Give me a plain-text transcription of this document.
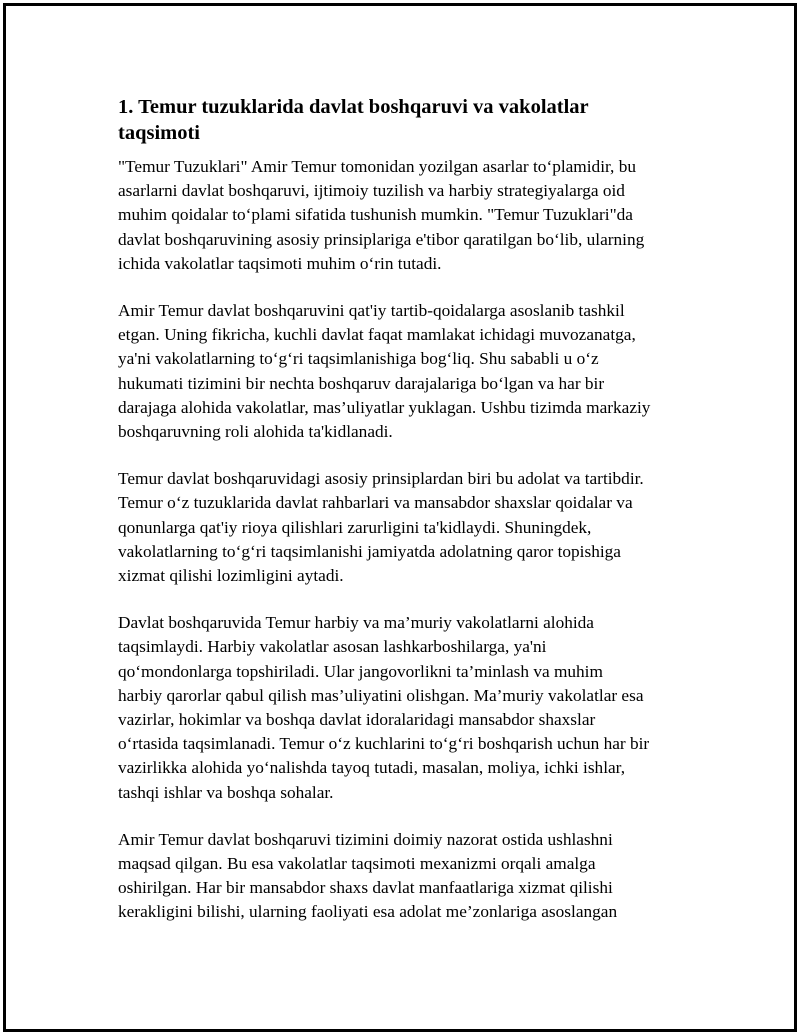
1. Temur tuzuklarida davlat boshqaruvi va vakolatlar
taqsimoti

"Temur Tuzuklari" Amir Temur tomonidan yozilgan asarlar to‘plamidir, bu
asarlarni davlat boshqaruvi, ijtimoiy tuzilish va harbiy strategiyalarga oid
muhim qoidalar to‘plami sifatida tushunish mumkin. "Temur Tuzuklari"da
davlat boshqaruvining asosiy prinsiplariga e'tibor qaratilgan bo‘lib, ularning
ichida vakolatlar taqsimoti muhim o‘rin tutadi.

Amir Temur davlat boshqaruvini qat'iy tartib-qoidalarga asoslanib tashkil
etgan. Uning fikricha, kuchli davlat faqat mamlakat ichidagi muvozanatga,
ya'ni vakolatlarning to‘g‘ri taqsimlanishiga bog‘liq. Shu sababli u o‘z
hukumati tizimini bir nechta boshqaruv darajalariga bo‘lgan va har bir
darajaga alohida vakolatlar, mas’uliyatlar yuklagan. Ushbu tizimda markaziy
boshqaruvning roli alohida ta'kidlanadi.

Temur davlat boshqaruvidagi asosiy prinsiplardan biri bu adolat va tartibdir.
Temur o‘z tuzuklarida davlat rahbarlari va mansabdor shaxslar qoidalar va
qonunlarga qat'iy rioya qilishlari zarurligini ta'kidlaydi. Shuningdek,
vakolatlarning to‘g‘ri taqsimlanishi jamiyatda adolatning qaror topishiga
xizmat qilishi lozimligini aytadi.

Davlat boshqaruvida Temur harbiy va ma’muriy vakolatlarni alohida
taqsimlaydi. Harbiy vakolatlar asosan lashkarboshilarga, ya'ni
qo‘mondonlarga topshiriladi. Ular jangovorlikni ta’minlash va muhim
harbiy qarorlar qabul qilish mas’uliyatini olishgan. Ma’muriy vakolatlar esa
vazirlar, hokimlar va boshqa davlat idoralaridagi mansabdor shaxslar
o‘rtasida taqsimlanadi. Temur o‘z kuchlarini to‘g‘ri boshqarish uchun har bir
vazirlikka alohida yo‘nalishda tayoq tutadi, masalan, moliya, ichki ishlar,
tashqi ishlar va boshqa sohalar.

Amir Temur davlat boshqaruvi tizimini doimiy nazorat ostida ushlashni
maqsad qilgan. Bu esa vakolatlar taqsimoti mexanizmi orqali amalga
oshirilgan. Har bir mansabdor shaxs davlat manfaatlariga xizmat qilishi
kerakligini bilishi, ularning faoliyati esa adolat me’zonlariga asoslangan
